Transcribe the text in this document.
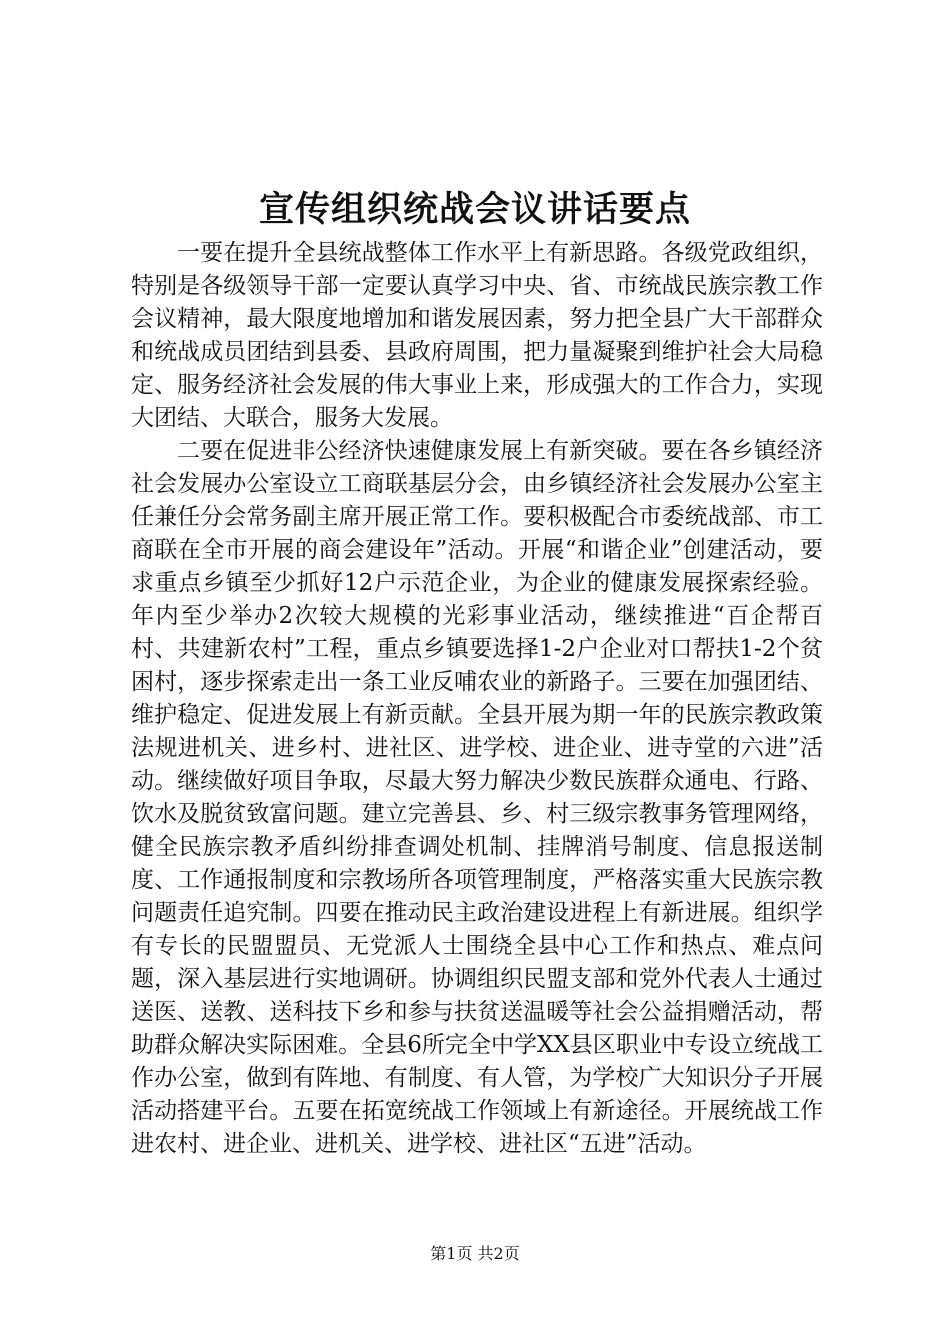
宣传组织统战会议讲话要点

一要在提升全县统战整体工作水平上有新思路。各级党政组织，特别是各级领导干部一定要认真学习中央、省、市统战民族宗教工作会议精神，最大限度地增加和谐发展因素，努力把全县广大干部群众和统战成员团结到县委、县政府周围，把力量凝聚到维护社会大局稳定、服务经济社会发展的伟大事业上来，形成强大的工作合力，实现大团结、大联合，服务大发展。

二要在促进非公经济快速健康发展上有新突破。要在各乡镇经济社会发展办公室设立工商联基层分会，由乡镇经济社会发展办公室主任兼任分会常务副主席开展正常工作。要积极配合市委统战部、市工商联在全市开展的商会建设年”活动。开展“和谐企业”创建活动，要求重点乡镇至少抓好12户示范企业，为企业的健康发展探索经验。年内至少举办2次较大规模的光彩事业活动，继续推进“百企帮百村、共建新农村”工程，重点乡镇要选择1-2户企业对口帮扶1-2个贫困村，逐步探索走出一条工业反哺农业的新路子。三要在加强团结、维护稳定、促进发展上有新贡献。全县开展为期一年的民族宗教政策法规进机关、进乡村、进社区、进学校、进企业、进寺堂的六进”活动。继续做好项目争取，尽最大努力解决少数民族群众通电、行路、饮水及脱贫致富问题。建立完善县、乡、村三级宗教事务管理网络，健全民族宗教矛盾纠纷排查调处机制、挂牌消号制度、信息报送制度、工作通报制度和宗教场所各项管理制度，严格落实重大民族宗教问题责任追究制。四要在推动民主政治建设进程上有新进展。组织学有专长的民盟盟员、无党派人士围绕全县中心工作和热点、难点问题，深入基层进行实地调研。协调组织民盟支部和党外代表人士通过送医、送教、送科技下乡和参与扶贫送温暖等社会公益捐赠活动，帮助群众解决实际困难。全县6所完全中学XX县区职业中专设立统战工作办公室，做到有阵地、有制度、有人管，为学校广大知识分子开展活动搭建平台。五要在拓宽统战工作领域上有新途径。开展统战工作进农村、进企业、进机关、进学校、进社区“五进”活动。

第1页 共2页
